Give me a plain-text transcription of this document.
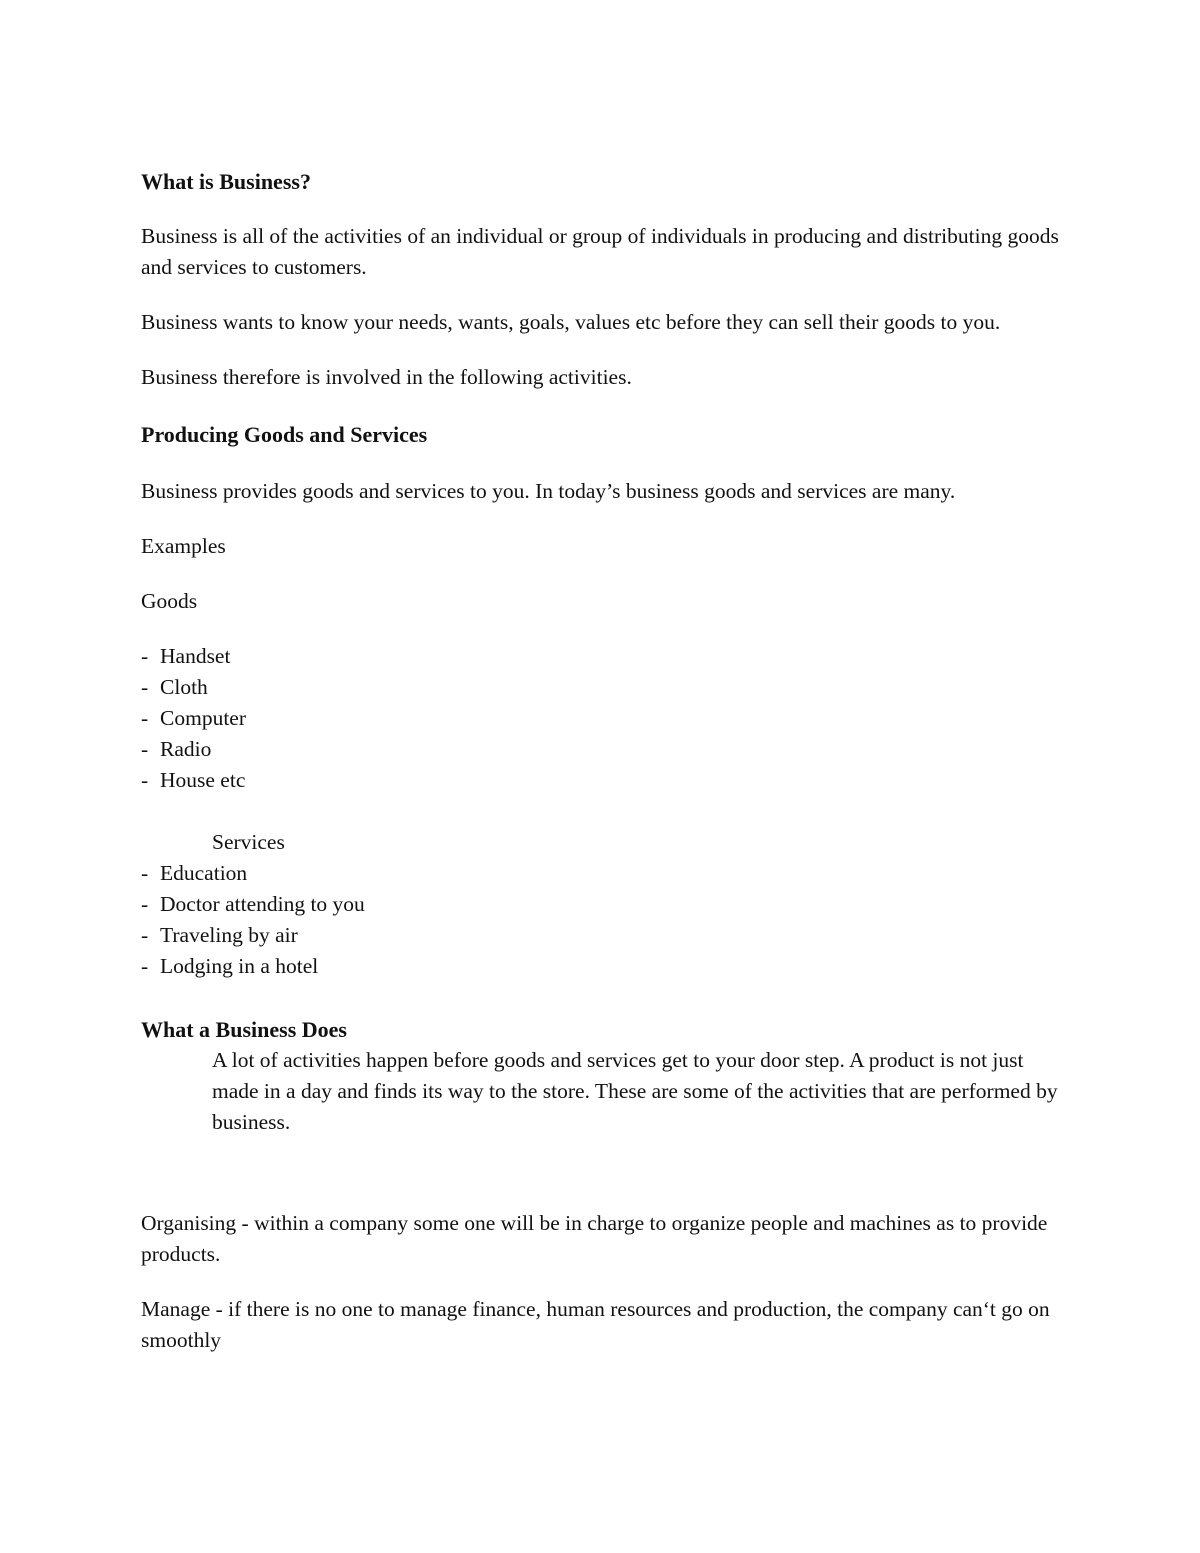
What is Business?
Business is all of the activities of an individual or group of individuals in producing and distributing goods and services to customers.
Business wants to know your needs, wants, goals, values etc before they can sell their goods to you.
Business therefore is involved in the following activities.
Producing Goods and Services
Business provides goods and services to you. In today’s business goods and services are many.
Examples
Goods
- Handset
- Cloth
- Computer
- Radio
- House etc
Services
- Education
- Doctor attending to you
- Traveling by air
- Lodging in a hotel
What a Business Does
A lot of activities happen before goods and services get to your door step. A product is not just made in a day and finds its way to the store. These are some of the activities that are performed by business.
Organising - within a company some one will be in charge to organize people and machines as to provide products.
Manage - if there is no one to manage finance, human resources and production, the company can‘t go on smoothly
